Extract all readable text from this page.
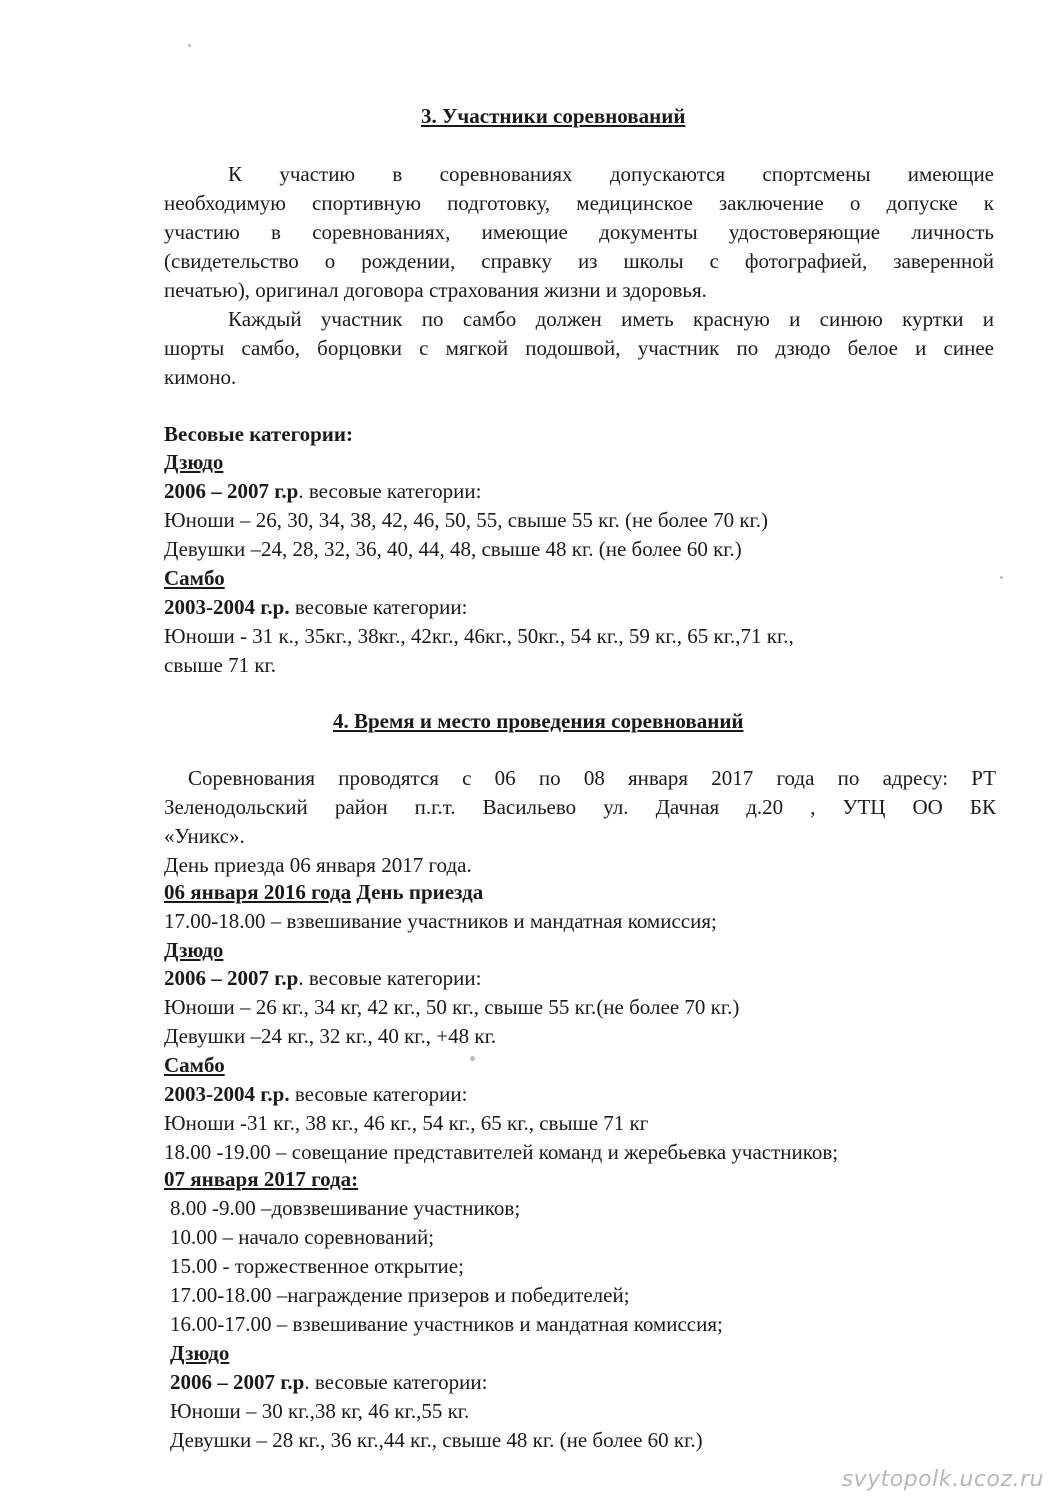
3. Участники соревнований
К участию в соревнованиях допускаются спортсмены имеющие
необходимую спортивную подготовку, медицинское заключение о допуске к
участию в соревнованиях, имеющие документы удостоверяющие личность
(свидетельство о рождении, справку из школы с фотографией, заверенной
печатью), оригинал договора страхования жизни и здоровья.
Каждый участник по самбо должен иметь красную и синюю куртки и
шорты самбо, борцовки с мягкой подошвой, участник по дзюдо белое и синее
кимоно.
Весовые категории:
Дзюдо
2006 – 2007 г.р. весовые категории:
Юноши – 26, 30, 34, 38, 42, 46, 50, 55, свыше 55 кг. (не более 70 кг.)
Девушки –24, 28, 32, 36, 40, 44, 48, свыше 48 кг. (не более 60 кг.)
Самбо
2003-2004 г.р. весовые категории:
Юноши - 31 к., 35кг., 38кг., 42кг., 46кг., 50кг., 54 кг., 59 кг., 65 кг.,71 кг.,
свыше 71 кг.
4. Время и место проведения соревнований
Соревнования проводятся с 06 по 08 января 2017 года по адресу: РТ
Зеленодольский район п.г.т. Васильево ул. Дачная д.20 , УТЦ ОО БК
«Уникс».
День приезда 06 января 2017 года.
06 января 2016 года День приезда
17.00-18.00 – взвешивание участников и мандатная комиссия;
Дзюдо
2006 – 2007 г.р. весовые категории:
Юноши – 26 кг., 34 кг, 42 кг., 50 кг., свыше 55 кг.(не более 70 кг.)
Девушки –24 кг., 32 кг., 40 кг., +48 кг.
Самбо
2003-2004 г.р. весовые категории:
Юноши -31 кг., 38 кг., 46 кг., 54 кг., 65 кг., свыше 71 кг
18.00 -19.00 – совещание представителей команд и жеребьевка участников;
07 января 2017 года:
8.00 -9.00 –довзвешивание участников;
10.00 – начало соревнований;
15.00 - торжественное открытие;
17.00-18.00 –награждение призеров и победителей;
16.00-17.00 – взвешивание участников и мандатная комиссия;
Дзюдо
2006 – 2007 г.р. весовые категории:
Юноши – 30 кг.,38 кг, 46 кг.,55 кг.
Девушки – 28 кг., 36 кг.,44 кг., свыше 48 кг. (не более 60 кг.)
svytopolk.ucoz.ru
